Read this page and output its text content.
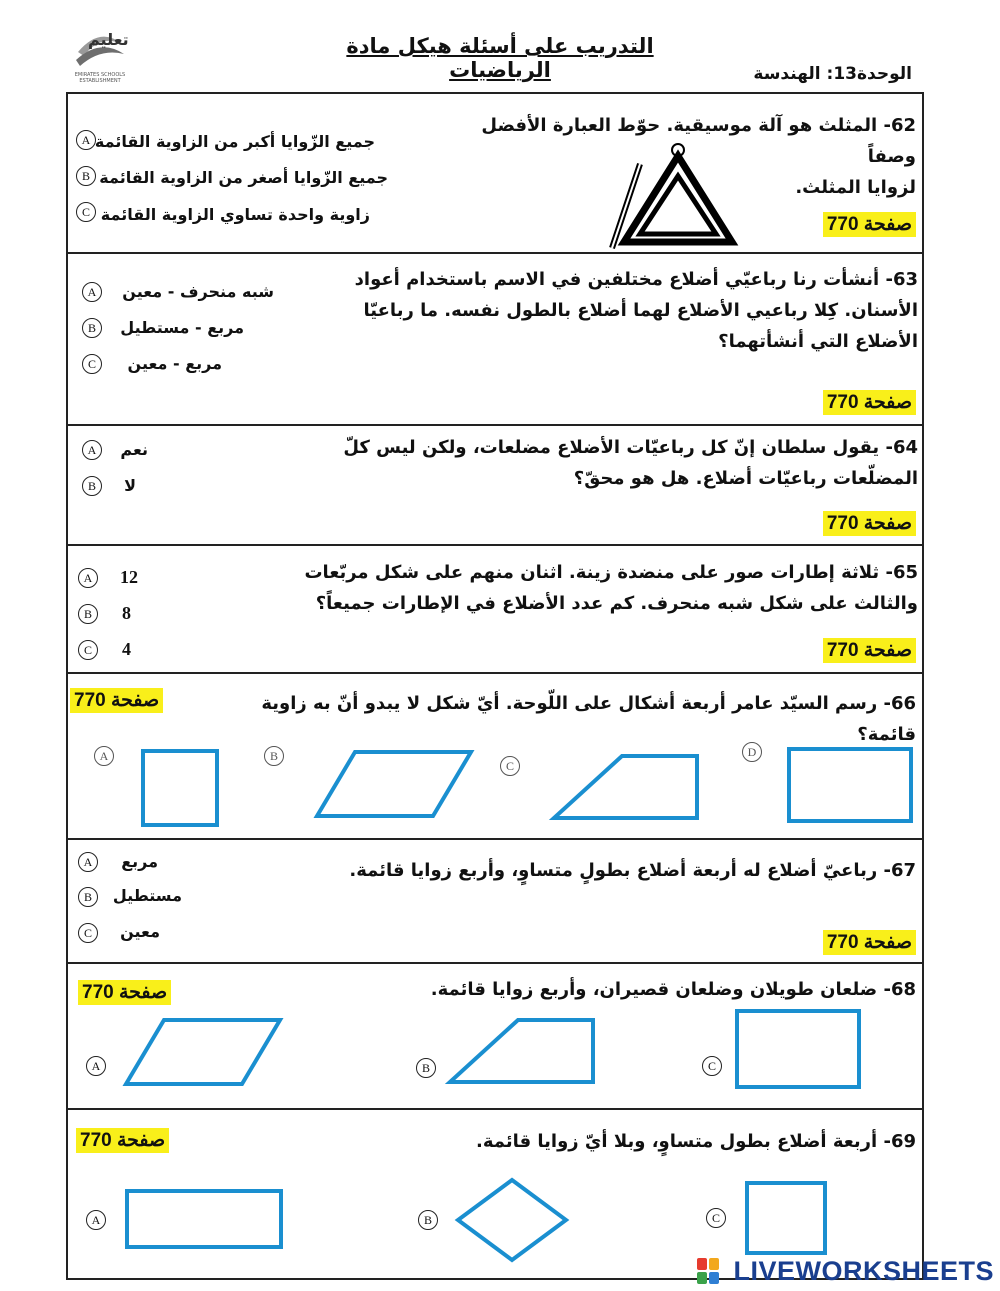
تعليم
EMIRATES SCHOOLS ESTABLISHMENT
التدريب على أسئلة هيكل مادة الرياضيات	الوحدة13: الهندسة
62- المثلث هو آلة موسيقية. حوّط العبارة الأفضل وصفاً
لزوايا المثلث.
صفحة 770
A جميع الزّوايا أكبر من الزاوية القائمة
B جميع الزّوايا أصغر من الزاوية القائمة
C زاوية واحدة تساوي الزاوية القائمة
63- أنشأت رنا رباعيّي أضلاع مختلفين في الاسم باستخدام أعواد
الأسنان. كِلا رباعيي الأضلاع لهما أضلاع بالطول نفسه. ما رباعيّا
الأضلاع التي أنشأتهما؟
صفحة 770
A	شبه منحرف - معين
B	مربع - مستطيل
C	مربع - معين
64- يقول سلطان إنّ كل رباعيّات الأضلاع مضلعات، ولكن ليس كلّ
المضلّعات رباعيّات أضلاع. هل هو محقّ؟
صفحة 770
A	نعم
B	لا
65- ثلاثة إطارات صور على منضدة زينة. اثنان منهم على شكل مربّعات
والثالث على شكل شبه منحرف. كم عدد الأضلاع في الإطارات جميعاً؟
صفحة 770
A	12
B	8
C	4
66- رسم السيّد عامر أربعة أشكال على اللّوحة. أيّ شكل لا يبدو أنّ به زاوية قائمة؟
صفحة 770
A	B
C
D
67- رباعيّ أضلاع له أربعة أضلاع بطولٍ متساوٍ، وأربع زوايا قائمة.
صفحة 770
A	مربع
B	مستطيل
C	معين
68- ضلعان طويلان وضلعان قصيران، وأربع زوايا قائمة.
صفحة 770
A	B	C
69- أربعة أضلاع بطول متساوٍ، وبلا أيّ زوايا قائمة.
صفحة 770
A	B	C
LIVEWORKSHEETS
